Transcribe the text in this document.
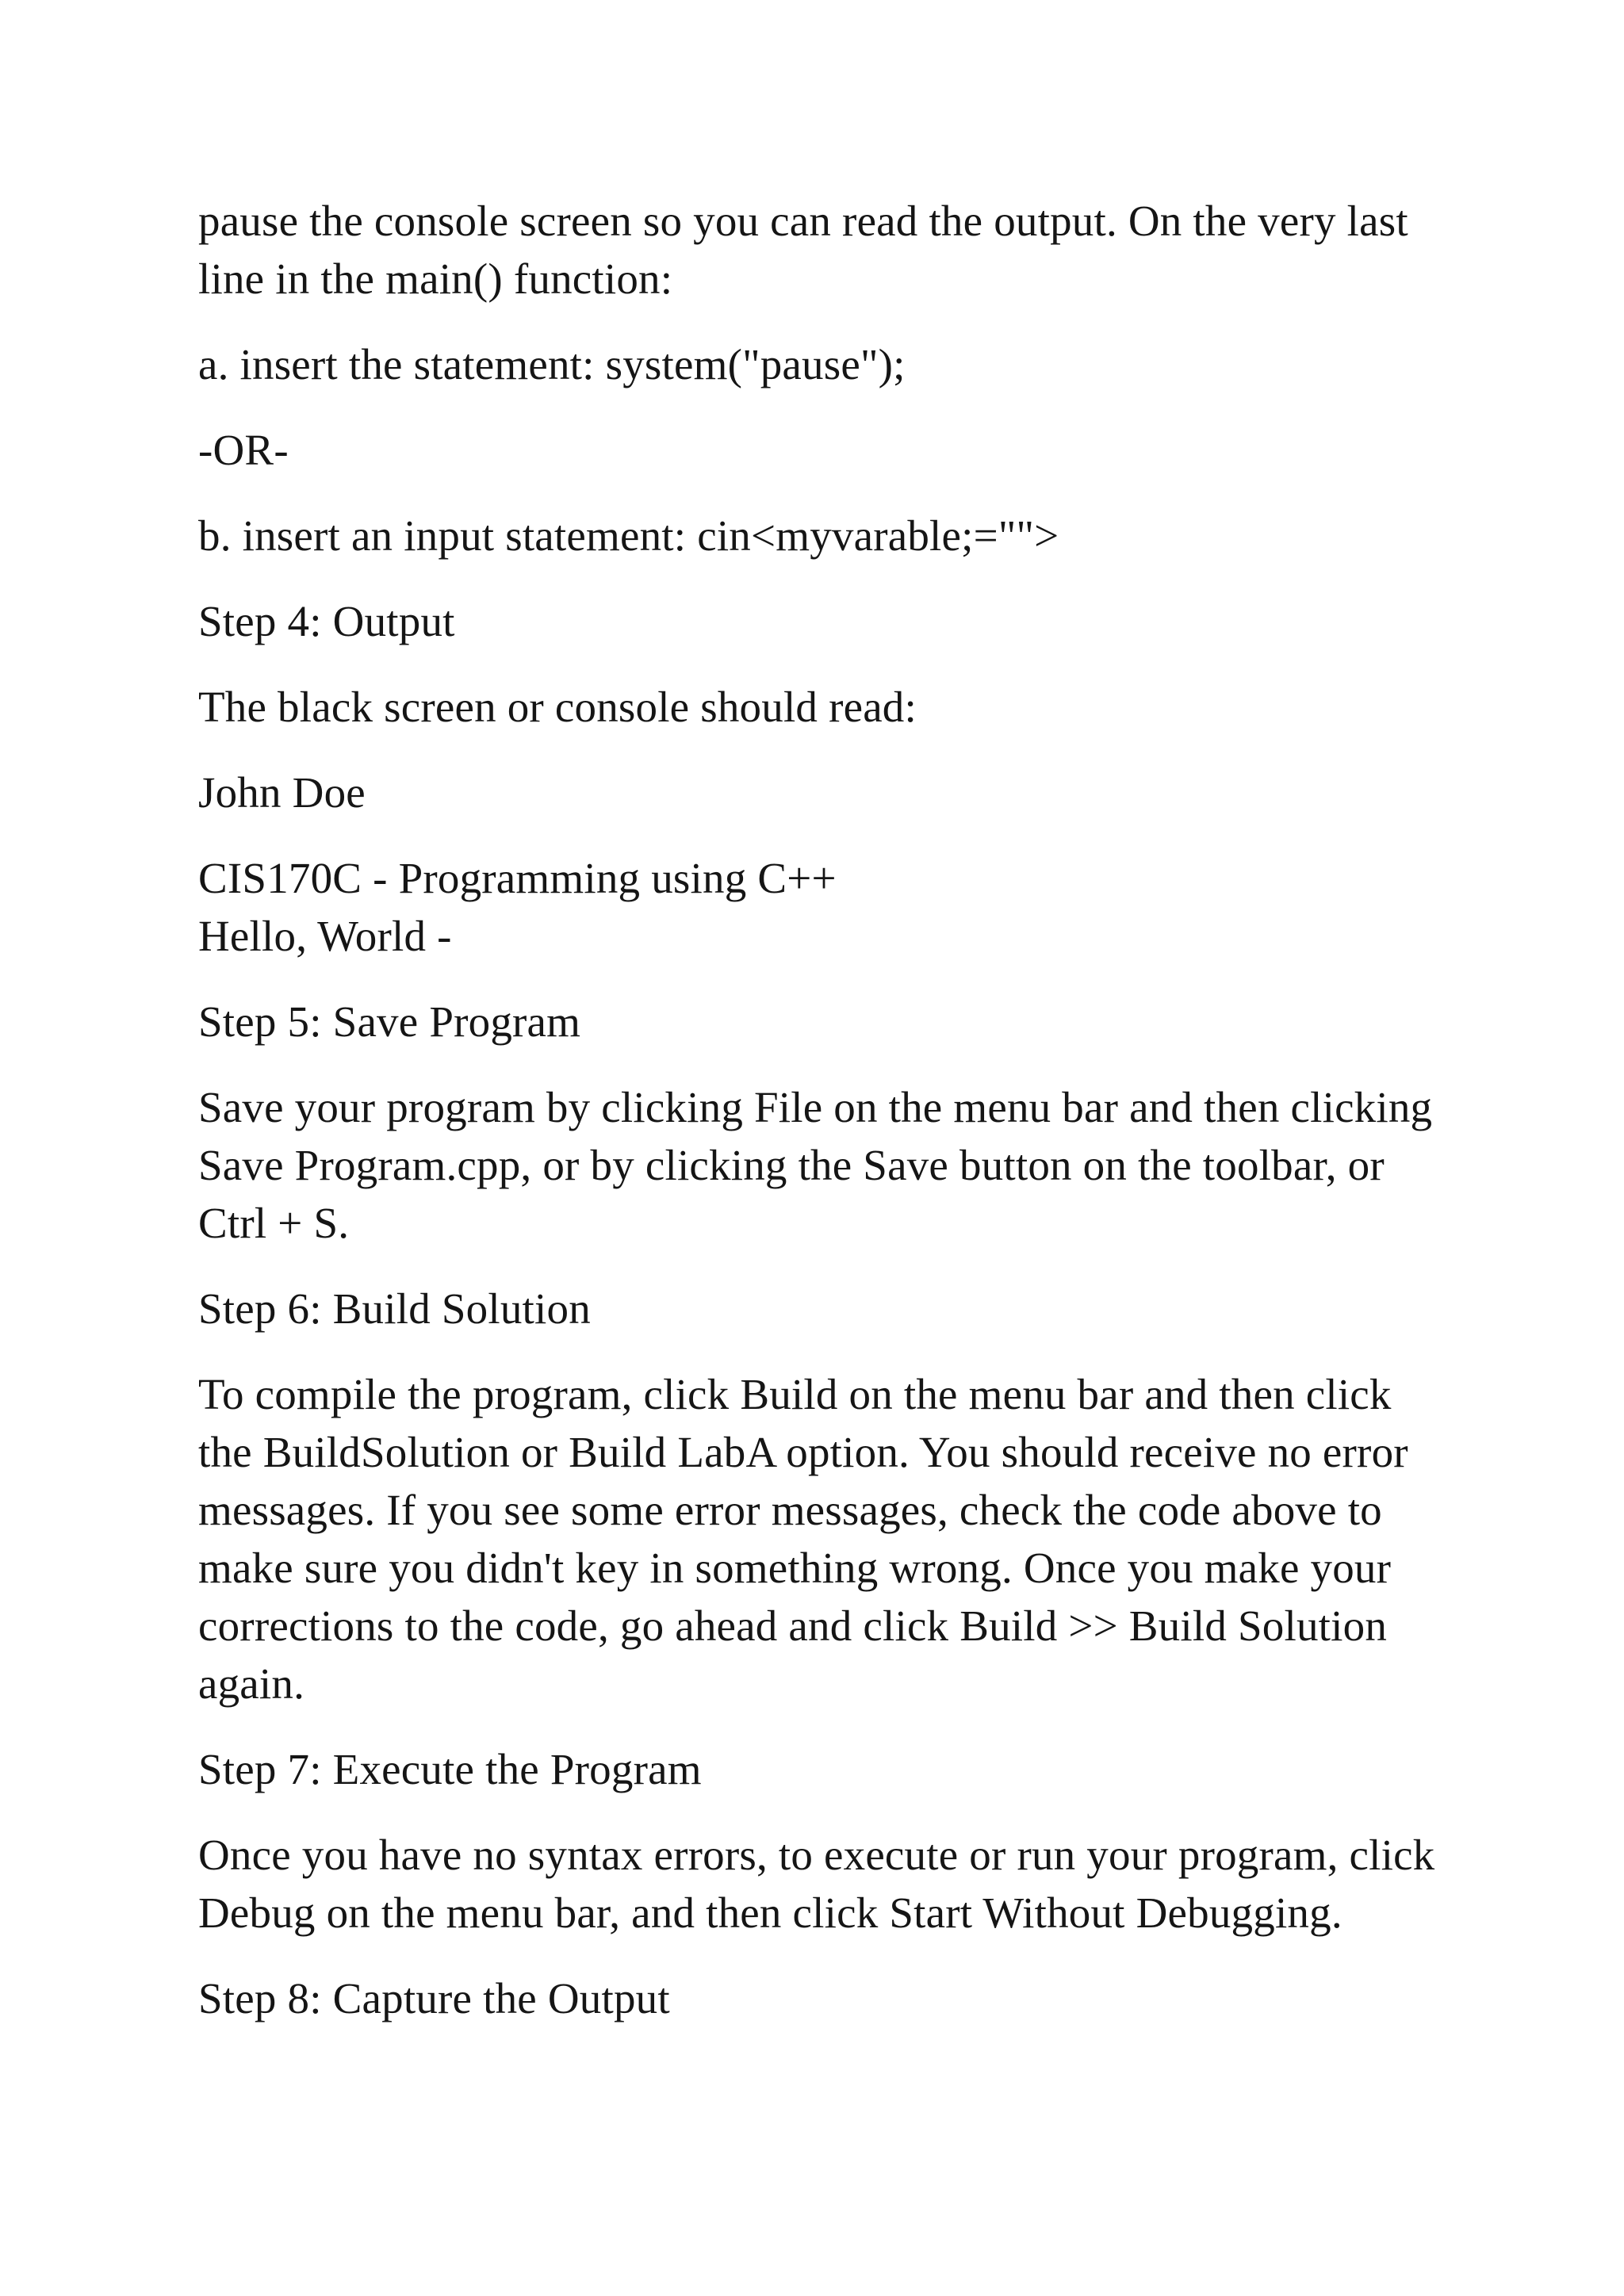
pause the console screen so you can read the output. On the very last
line in the main() function:
a. insert the statement: system("pause");
-OR-
b. insert an input statement: cin<myvarable;="">
Step 4: Output
The black screen or console should read:
John Doe
CIS170C - Programming using C++
Hello, World -
Step 5: Save Program
Save your program by clicking File on the menu bar and then clicking
Save Program.cpp, or by clicking the Save button on the toolbar, or
Ctrl + S.
Step 6: Build Solution
To compile the program, click Build on the menu bar and then click
the BuildSolution or Build LabA option. You should receive no error
messages. If you see some error messages, check the code above to
make sure you didn't key in something wrong. Once you make your
corrections to the code, go ahead and click Build >> Build Solution
again.
Step 7: Execute the Program
Once you have no syntax errors, to execute or run your program, click
Debug on the menu bar, and then click Start Without Debugging.
Step 8: Capture the Output
